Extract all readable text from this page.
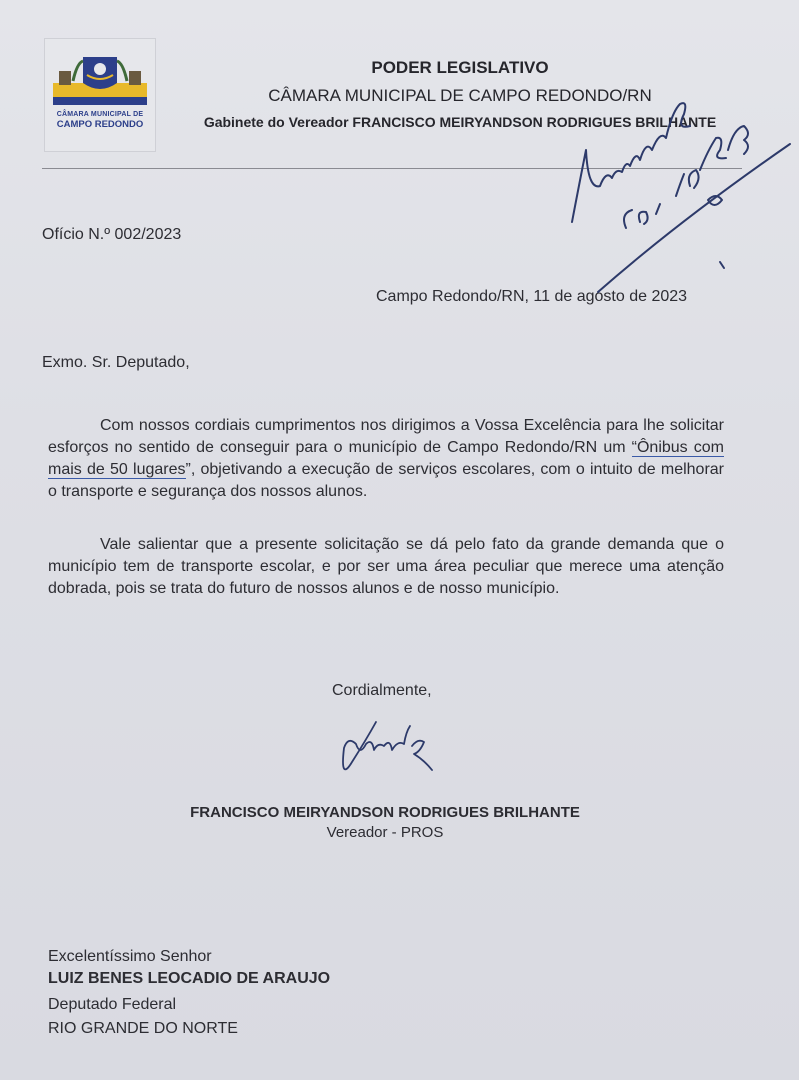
CÂMARA MUNICIPAL DE
CAMPO REDONDO
PODER LEGISLATIVO
CÂMARA MUNICIPAL DE CAMPO REDONDO/RN
Gabinete do Vereador FRANCISCO MEIRYANDSON RODRIGUES BRILHANTE
Ofício N.º 002/2023
Campo Redondo/RN, 11 de agosto de 2023
Exmo. Sr. Deputado,
Com nossos cordiais cumprimentos nos dirigimos a Vossa Excelência para lhe solicitar esforços no sentido de conseguir para o município de Campo Redondo/RN um “Ônibus com mais de 50 lugares”, objetivando a execução de serviços escolares, com o intuito de melhorar o transporte e segurança dos nossos alunos.
Vale salientar que a presente solicitação se dá pelo fato da grande demanda que o município tem de transporte escolar, e por ser uma área peculiar que merece uma atenção dobrada, pois se trata do futuro de nossos alunos e de nosso município.
Cordialmente,
FRANCISCO MEIRYANDSON RODRIGUES BRILHANTE
Vereador - PROS
Excelentíssimo Senhor
LUIZ BENES LEOCADIO DE ARAUJO
Deputado Federal
RIO GRANDE DO NORTE
